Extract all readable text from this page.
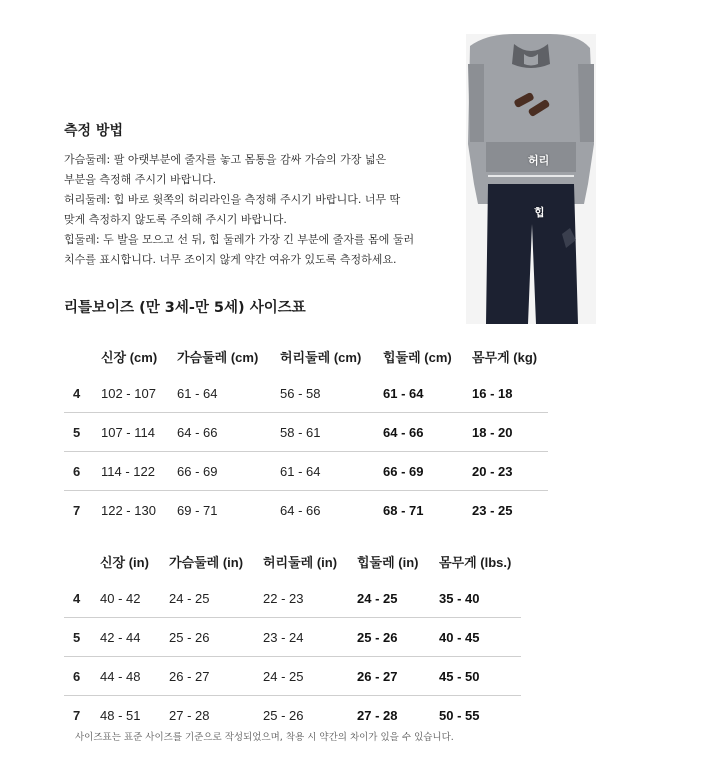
측정 방법

가슴둘레: 팔 아랫부분에 줄자를 놓고 몸통을 감싸 가슴의 가장 넓은

부분을 측정해 주시기 바랍니다.

허리둘레: 힙 바로 윗쪽의 허리라인을 측정해 주시기 바랍니다. 너무 딱

맞게 측정하지 않도록 주의해 주시기 바랍니다.

힙둘레: 두 발을 모으고 선 뒤, 힙 둘레가 가장 긴 부분에 줄자를 몸에 둘러

치수를 표시합니다. 너무 조이지 않게 약간 여유가 있도록 측정하세요.

허리
힙
리틀보이즈 (만 3세-만 5세) 사이즈표
	신장 (cm)	가슴둘레 (cm)	허리둘레 (cm)	힙둘레 (cm)	몸무게 (kg)
4	102 - 107	61 - 64	56 - 58	61 - 64	16 - 18
5	107 - 114	64 - 66	58 - 61	64 - 66	18 - 20
6	114 - 122	66 - 69	61 - 64	66 - 69	20 - 23
7	122 - 130	69 - 71	64 - 66	68 - 71	23 - 25
	신장 (in)	가슴둘레 (in)	허리둘레 (in)	힙둘레 (in)	몸무게 (lbs.)
4	40 - 42	24 - 25	22 - 23	24 - 25	35 - 40
5	42 - 44	25 - 26	23 - 24	25 - 26	40 - 45
6	44 - 48	26 - 27	24 - 25	26 - 27	45 - 50
7	48 - 51	27 - 28	25 - 26	27 - 28	50 - 55

사이즈표는 표준 사이즈를 기준으로 작성되었으며, 착용 시 약간의 차이가 있을 수 있습니다.
